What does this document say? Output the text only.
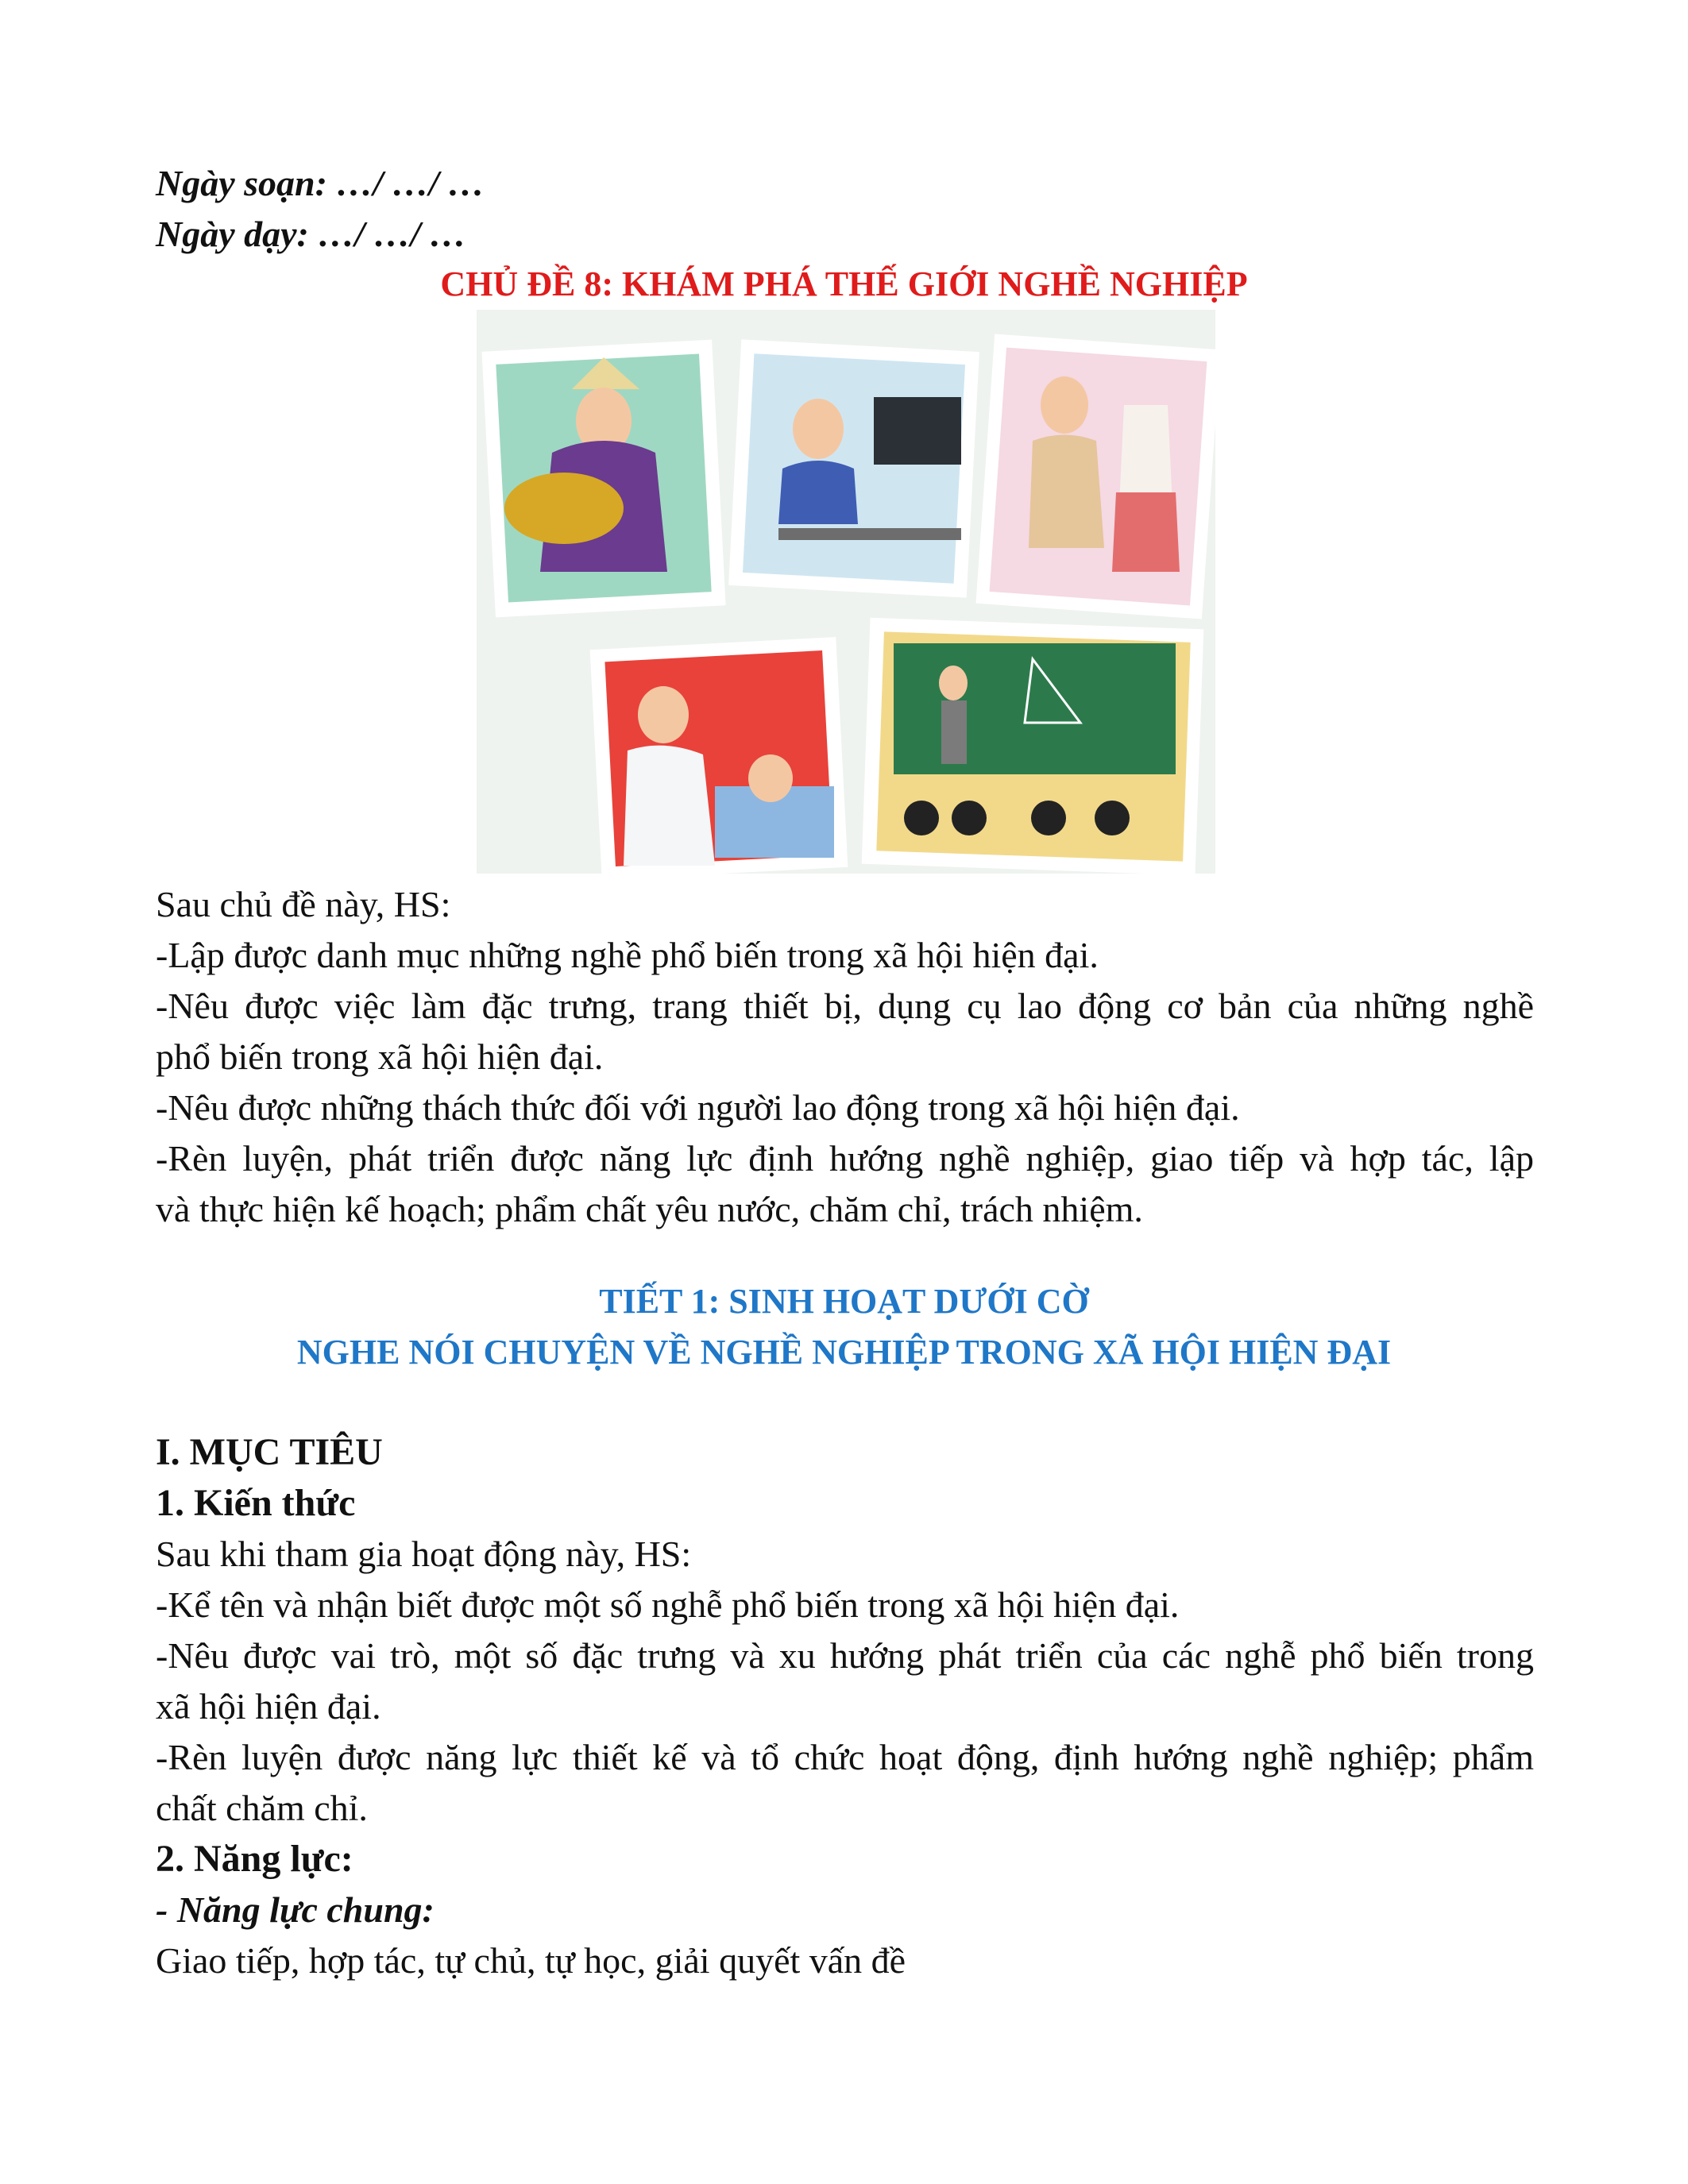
Ngày soạn: …/ …/ …
Ngày dạy: …/ …/ …
CHỦ ĐỀ 8: KHÁM PHÁ THẾ GIỚI NGHỀ NGHIỆP
Sau chủ đề này, HS:
-Lập được danh mục những nghề phổ biến trong xã hội hiện đại.
-Nêu được việc làm đặc trưng, trang thiết bị, dụng cụ lao động cơ bản của những nghề
phổ biến trong xã hội hiện đại.
-Nêu được những thách thức đối với người lao động trong xã hội hiện đại.
-Rèn luyện, phát triển được năng lực định hướng nghề nghiệp, giao tiếp và hợp tác, lập
và thực hiện kế hoạch; phẩm chất yêu nước, chăm chỉ, trách nhiệm.
TIẾT 1: SINH HOẠT DƯỚI CỜ
NGHE NÓI CHUYỆN VỀ NGHỀ NGHIỆP TRONG XÃ HỘI HIỆN ĐẠI
I. MỤC TIÊU
1. Kiến thức
Sau khi tham gia hoạt động này, HS:
-Kể tên và nhận biết được một số nghễ phổ biến trong xã hội hiện đại.
-Nêu được vai trò, một số đặc trưng và xu hướng phát triển của các nghễ phổ biến trong
xã hội hiện đại.
-Rèn luyện được năng lực thiết kế và tổ chức hoạt động, định hướng nghề nghiệp; phẩm
chất chăm chỉ.
2. Năng lực:
- Năng lực chung:
Giao tiếp, hợp tác, tự chủ, tự học, giải quyết vấn đề
